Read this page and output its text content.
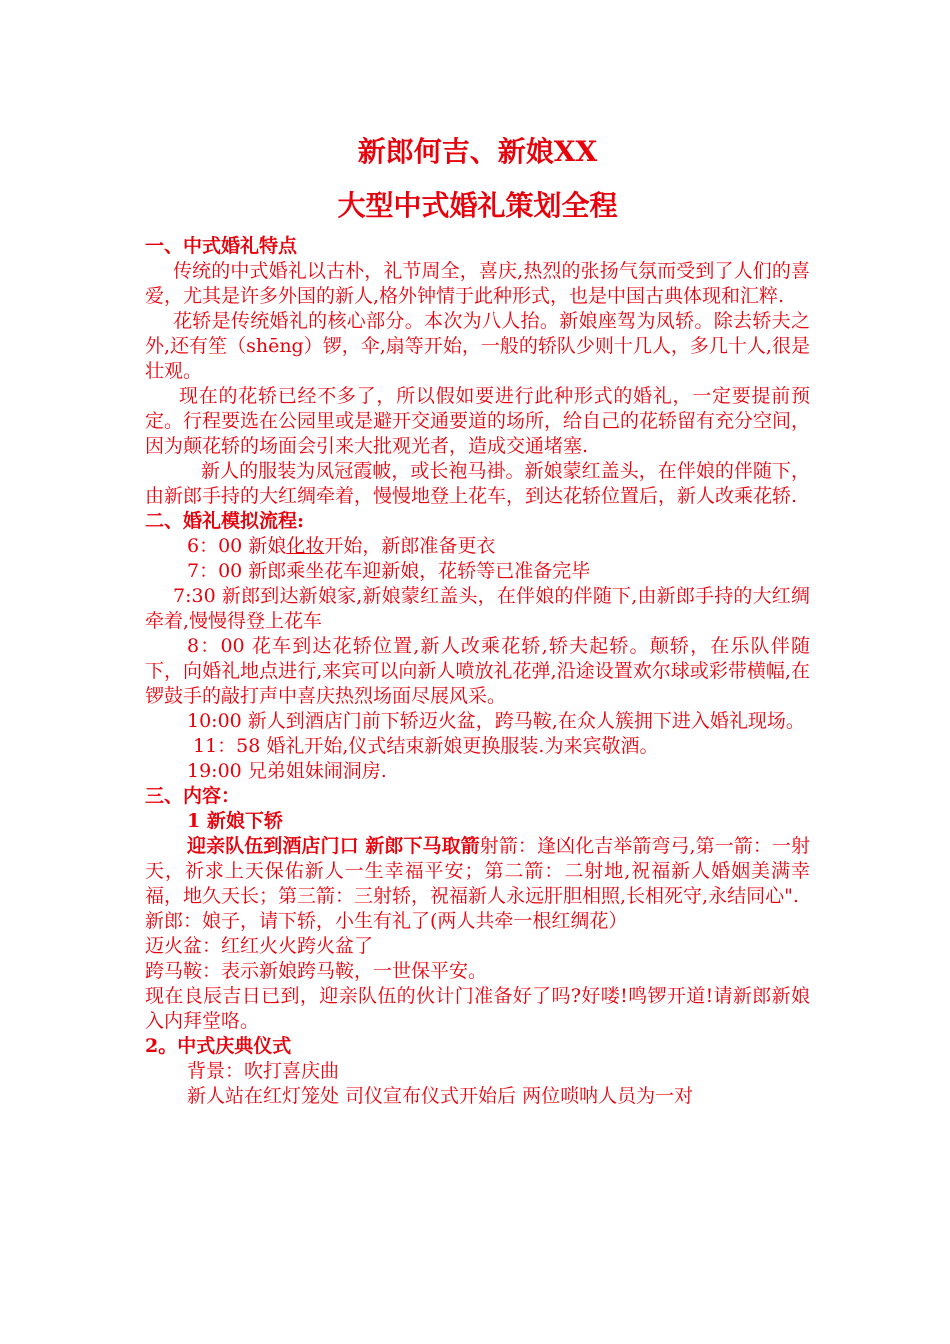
新郎何吉、新娘XX
大型中式婚礼策划全程

一、中式婚礼特点

传统的中式婚礼以古朴，礼节周全，喜庆,热烈的张扬气氛而受到了人们的喜爱，尤其是许多外国的新人,格外钟情于此种形式，也是中国古典体现和汇粹.

花轿是传统婚礼的核心部分。本次为八人抬。新娘座驾为凤轿。除去轿夫之外,还有笙（shēng）锣，伞,扇等开始，一般的轿队少则十几人，多几十人,很是壮观。

现在的花轿已经不多了，所以假如要进行此种形式的婚礼，一定要提前预定。行程要选在公园里或是避开交通要道的场所，给自己的花轿留有充分空间，因为颠花轿的场面会引来大批观光者，造成交通堵塞.

新人的服装为凤冠霞帔，或长袍马褂。新娘蒙红盖头，在伴娘的伴随下，由新郎手持的大红绸牵着，慢慢地登上花车，到达花轿位置后，新人改乘花轿.

二、婚礼模拟流程:

6：00 新娘化妆开始，新郎准备更衣

7：00 新郎乘坐花车迎新娘，花轿等已准备完毕

7:30 新郎到达新娘家,新娘蒙红盖头，在伴娘的伴随下,由新郎手持的大红绸牵着,慢慢得登上花车

8：00 花车到达花轿位置,新人改乘花轿,轿夫起轿。颠轿，在乐队伴随下，向婚礼地点进行,来宾可以向新人喷放礼花弹,沿途设置欢尔球或彩带横幅,在锣鼓手的敲打声中喜庆热烈场面尽展风采。

10:00 新人到酒店门前下轿迈火盆，跨马鞍,在众人簇拥下进入婚礼现场。

11：58 婚礼开始,仪式结束新娘更换服装.为来宾敬酒。

19:00 兄弟姐妹闹洞房.

三、内容：

1 新娘下轿

迎亲队伍到酒店门口 新郎下马取箭射箭：逢凶化吉举箭弯弓,第一箭：一射天，祈求上天保佑新人一生幸福平安；第二箭：二射地,祝福新人婚姻美满幸福，地久天长；第三箭：三射轿，祝福新人永远肝胆相照,长相死守,永结同心".

新郎：娘子，请下轿，小生有礼了(两人共牵一根红绸花）

迈火盆：红红火火跨火盆了

跨马鞍：表示新娘跨马鞍，一世保平安。

现在良辰吉日已到，迎亲队伍的伙计门准备好了吗?好喽!鸣锣开道!请新郎新娘入内拜堂咯。

2。中式庆典仪式

背景：吹打喜庆曲

新人站在红灯笼处 司仪宣布仪式开始后 两位唢呐人员为一对
